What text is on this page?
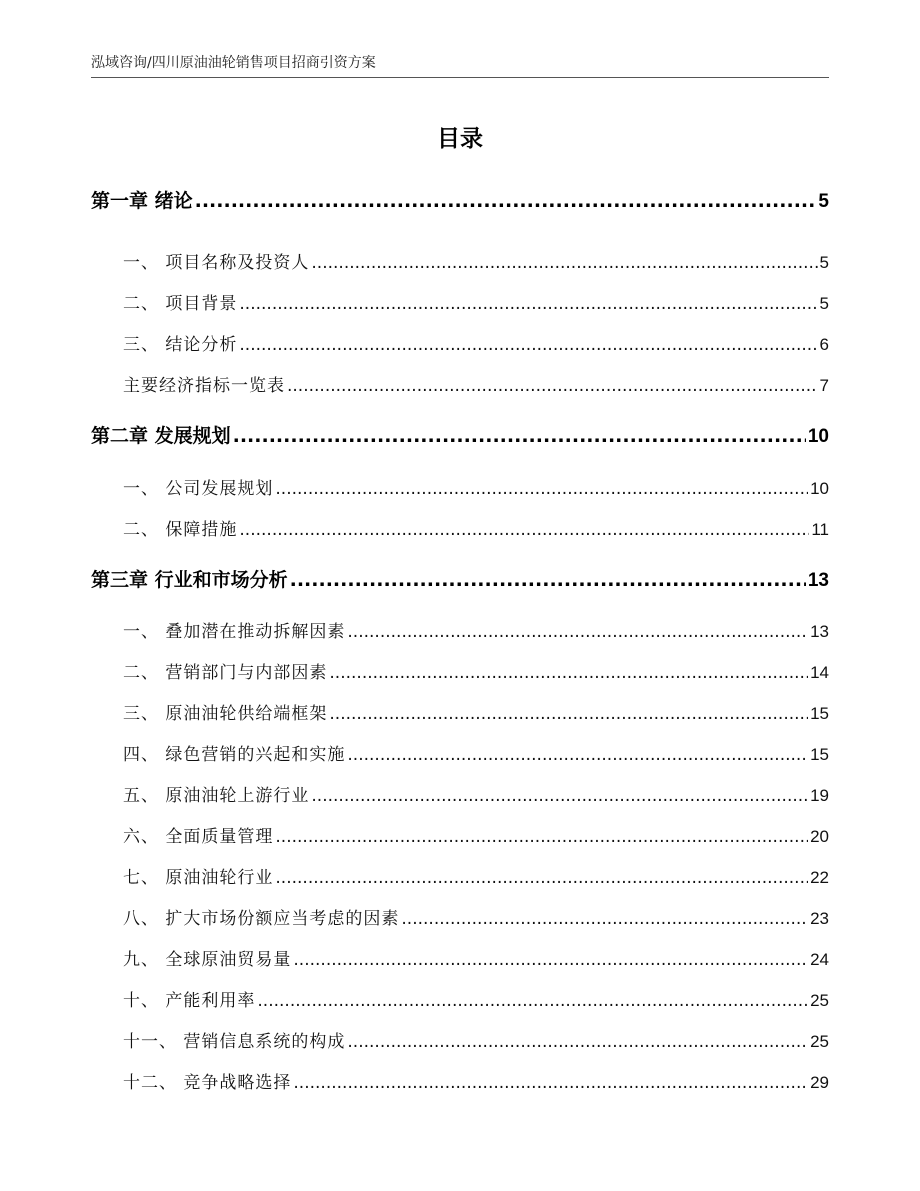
泓域咨询/四川原油油轮销售项目招商引资方案
目录
第一章 绪论 .....	5
一、 项目名称及投资人 .....	5
二、 项目背景 .....	5
三、 结论分析 .....	6
主要经济指标一览表 .....	7
第二章 发展规划 .....	10
一、 公司发展规划 .....	10
二、 保障措施 .....	11
第三章 行业和市场分析 .....	13
一、 叠加潜在推动拆解因素 .....	13
二、 营销部门与内部因素 .....	14
三、 原油油轮供给端框架 .....	15
四、 绿色营销的兴起和实施 .....	15
五、 原油油轮上游行业 .....	19
六、 全面质量管理 .....	20
七、 原油油轮行业 .....	22
八、 扩大市场份额应当考虑的因素 .....	23
九、 全球原油贸易量 .....	24
十、 产能利用率 .....	25
十一、 营销信息系统的构成 .....	25
十二、 竞争战略选择 .....	29
